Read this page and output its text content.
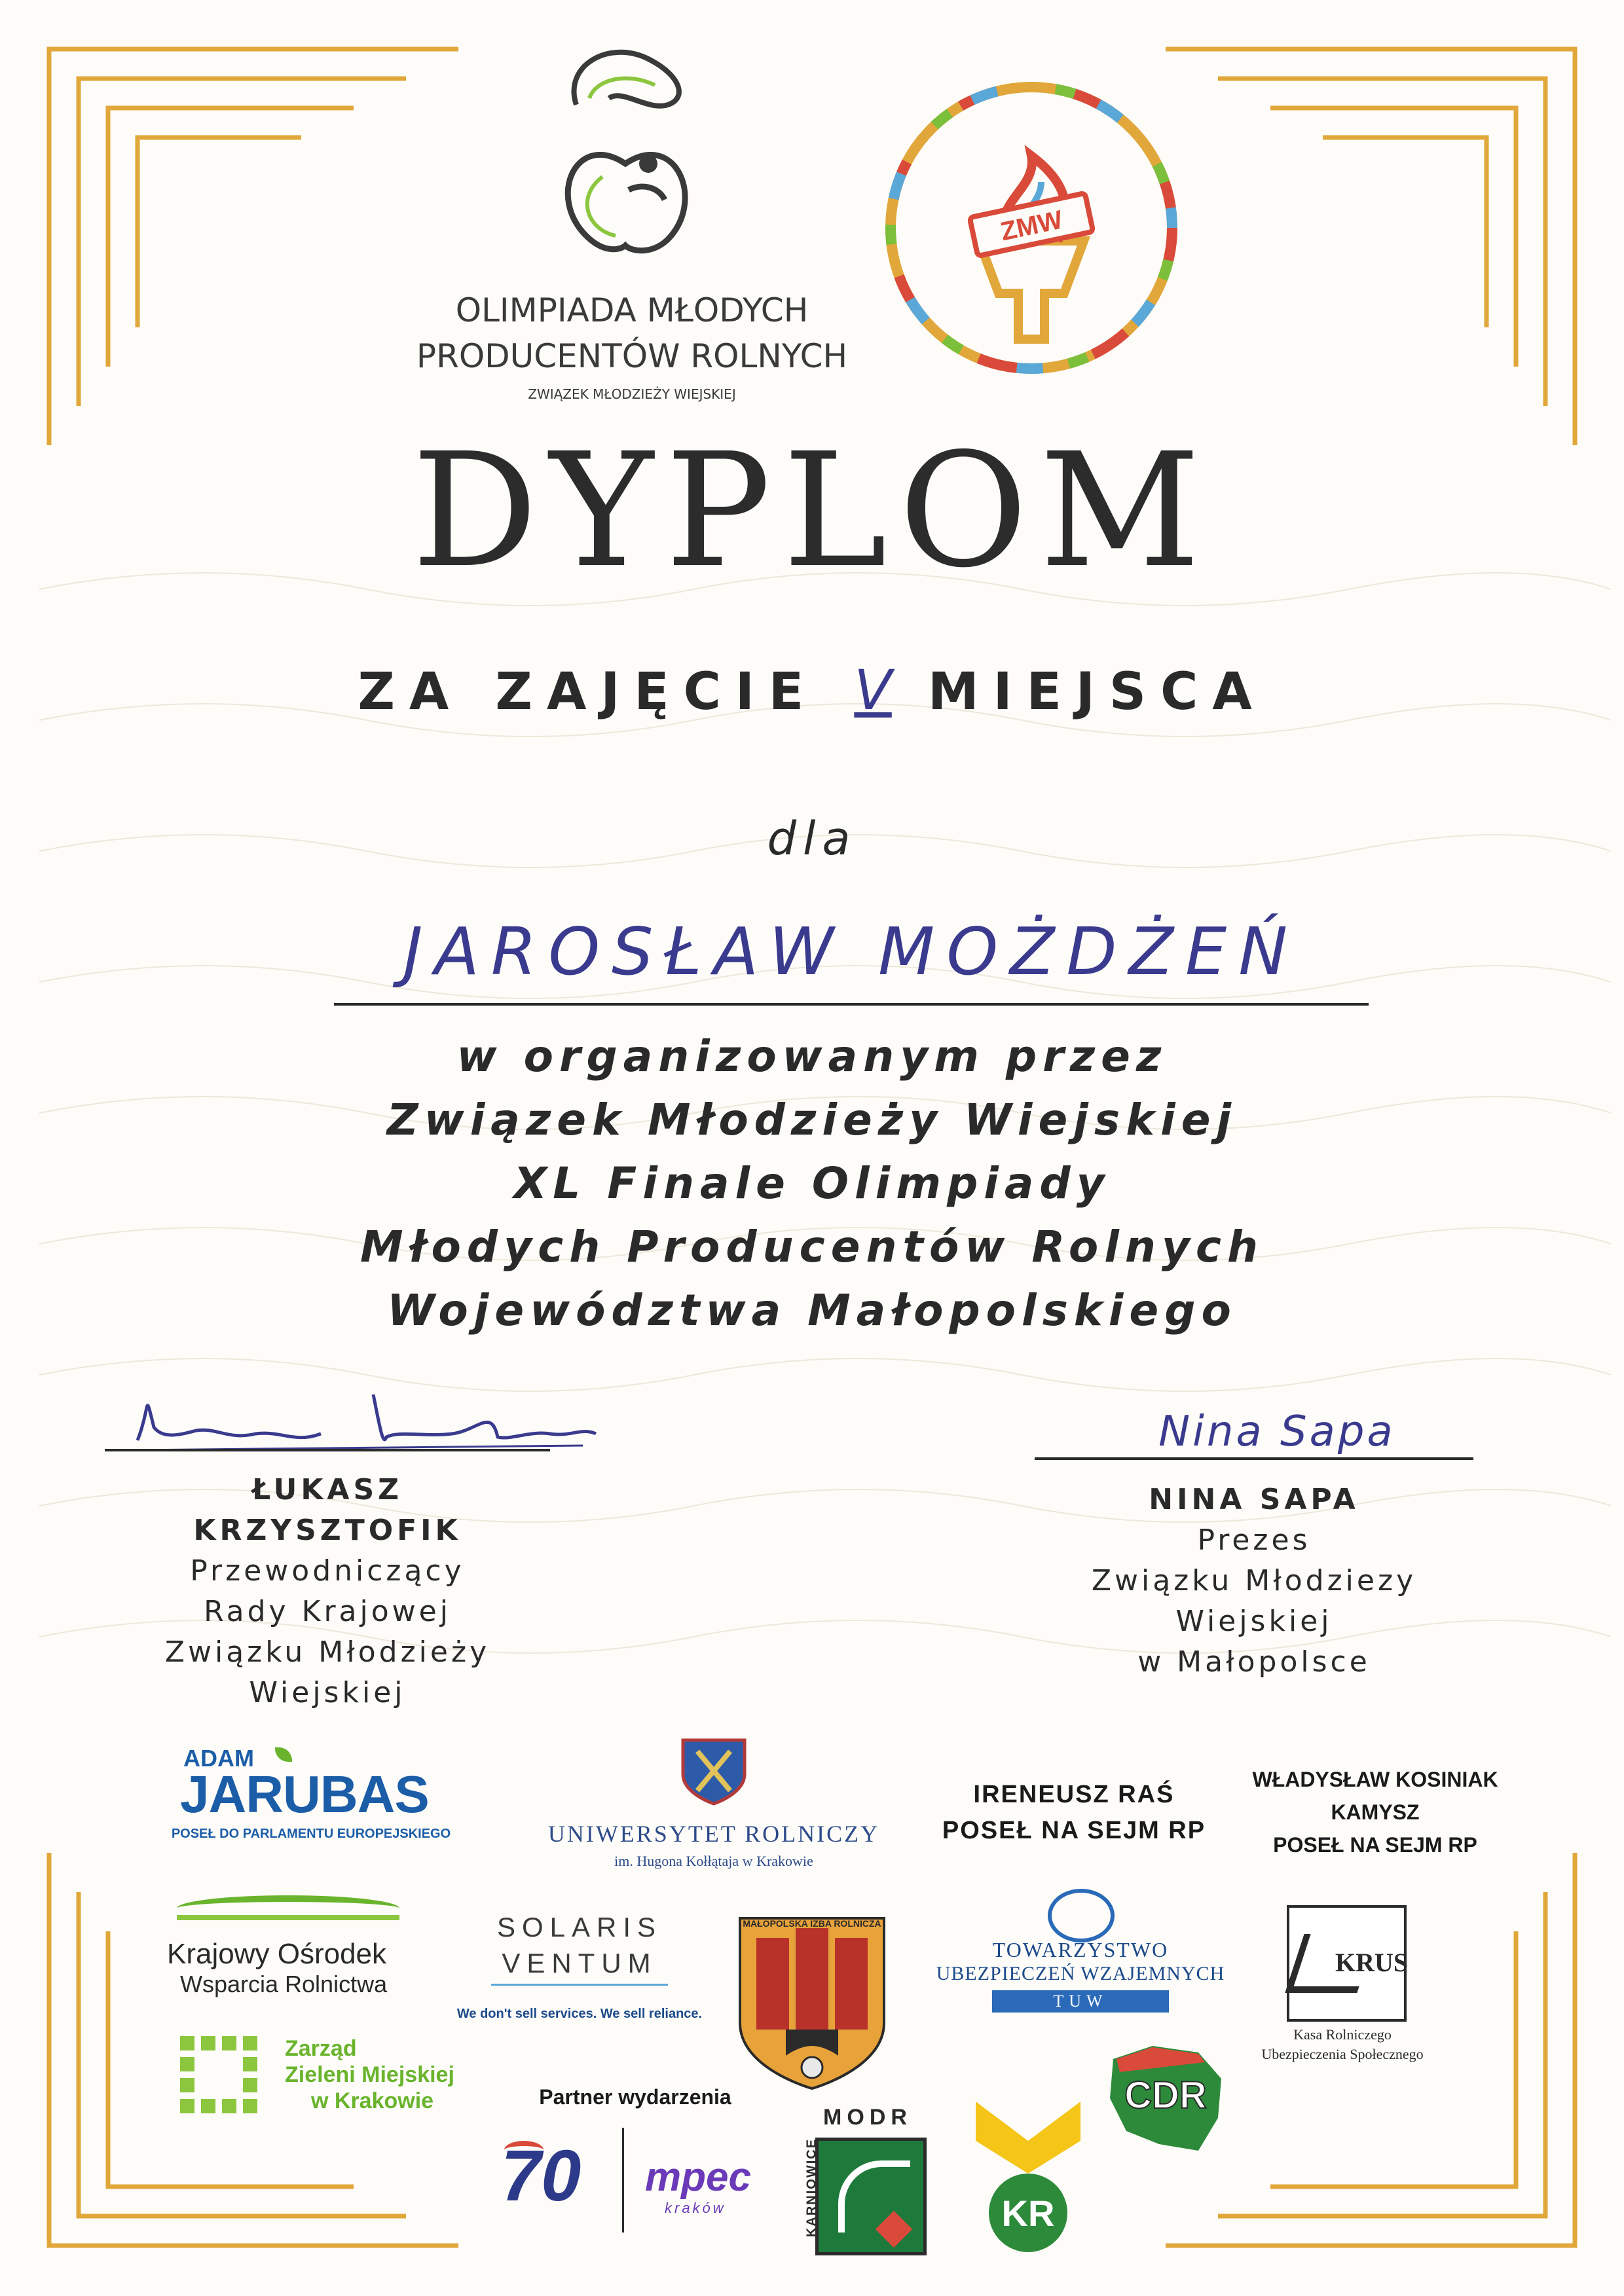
OLIMPIADA MŁODYCH
PRODUCENTÓW ROLNYCH
ZWIĄZEK MŁODZIEŻY WIEJSKIEJ
ZMW
DYPLOM
ZA ZAJĘCIE V MIEJSCA
dla
JAROSŁAW MOŻDŻEŃ
w organizowanym przez
Związek Młodzieży Wiejskiej
XL Finale Olimpiady
Młodych Producentów Rolnych
Województwa Małopolskiego
ŁUKASZ
KRZYSZTOFIK
Przewodniczący
Rady Krajowej
Związku Młodzieży
Wiejskiej
Nina Sapa
NINA SAPA
Prezes
Związku Młodziezy
Wiejskiej
w Małopolsce
ADAM
JARUBAS
POSEŁ DO PARLAMENTU EUROPEJSKIEGO	UNIWERSYTET ROLNICZY
im. Hugona Kołłątaja w Krakowie
IRENEUSZ RAŚ
POSEŁ NA SEJM RP
WŁADYSŁAW KOSINIAK
KAMYSZ
POSEŁ NA SEJM RP
Krajowy Ośrodek
Wsparcia Rolnictwa
SOLARIS
VENTUM
We don't sell services. We sell reliance.
MAŁOPOLSKA IZBA ROLNICZA
TOWARZYSTWO
UBEZPIECZEŃ WZAJEMNYCH
TUW
KRUS
Kasa Rolniczego
Ubezpieczenia Społecznego
Zarząd
Zieleni Miejskiej
w Krakowie	Partner wydarzenia
70 mpec
kraków
MODR
KARNIOWICE	KR
CDR
